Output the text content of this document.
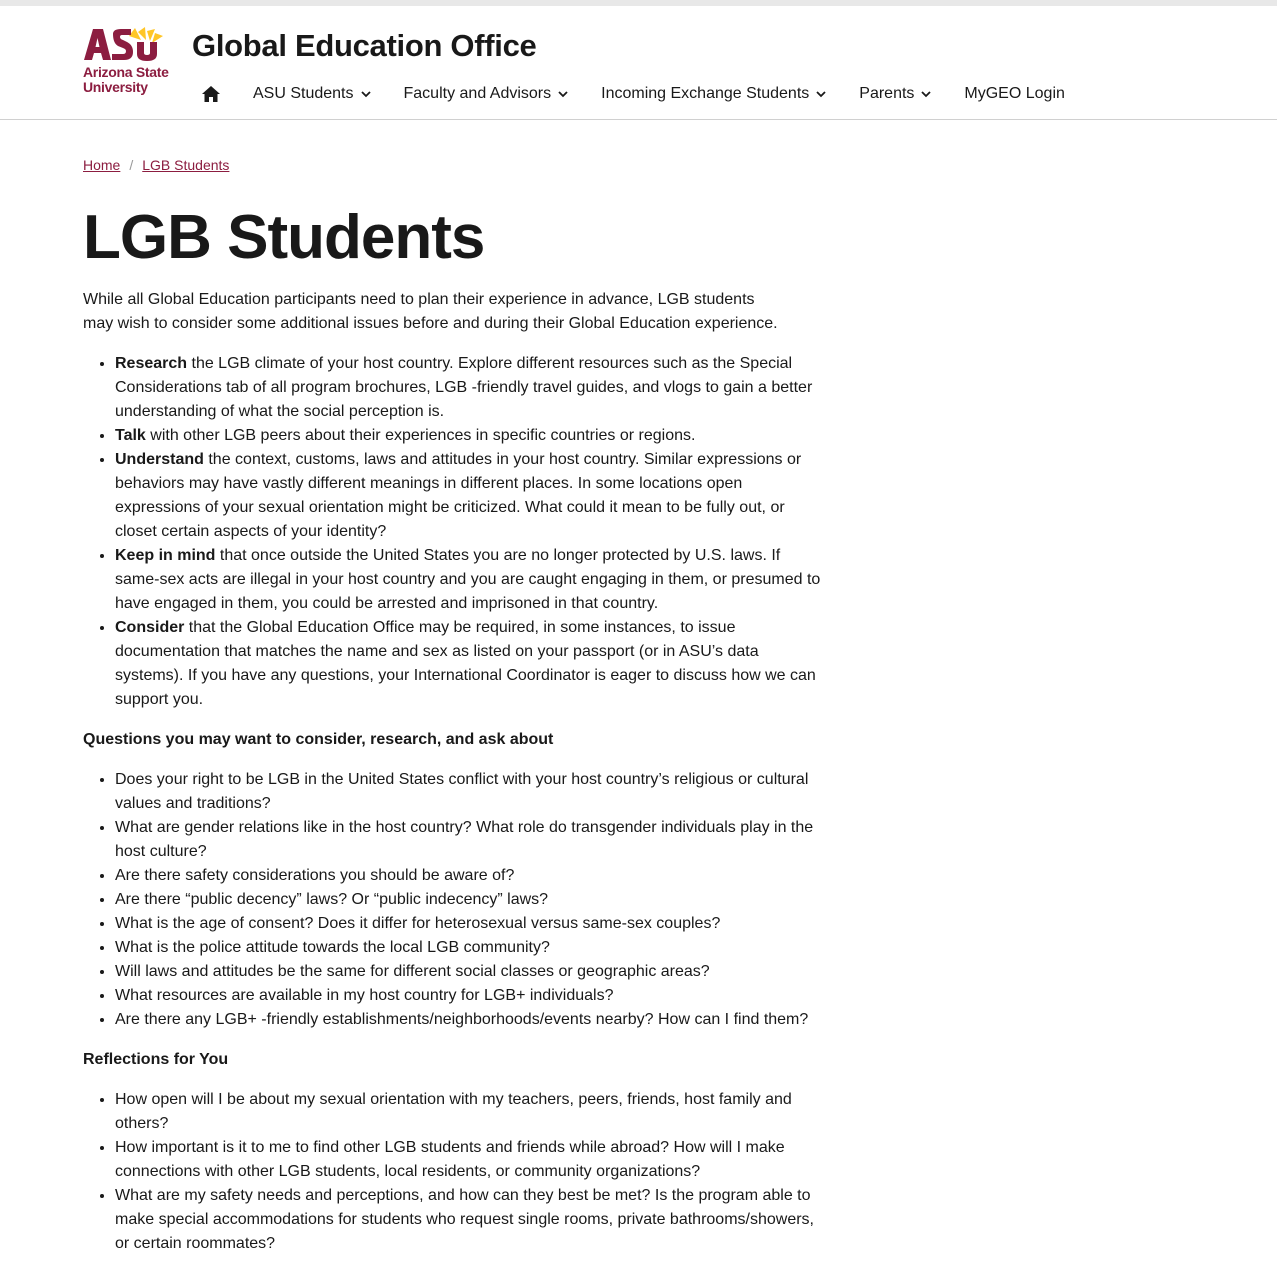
Arizona State
University
Global Education Office
ASU Students	Faculty and Advisors	Incoming Exchange Students	Parents	MyGEO Login
Home / LGB Students
LGB Students

While all Global Education participants need to plan their experience in advance, LGB students may wish to consider some additional issues before and during their Global Education experience.

• Research the LGB climate of your host country. Explore different resources such as the Special Considerations tab of all program brochures, LGB -friendly travel guides, and vlogs to gain a better understanding of what the social perception is.
• Talk with other LGB peers about their experiences in specific countries or regions.
• Understand the context, customs, laws and attitudes in your host country. Similar expressions or behaviors may have vastly different meanings in different places. In some locations open expressions of your sexual orientation might be criticized. What could it mean to be fully out, or closet certain aspects of your identity?
• Keep in mind that once outside the United States you are no longer protected by U.S. laws. If same-sex acts are illegal in your host country and you are caught engaging in them, or presumed to have engaged in them, you could be arrested and imprisoned in that country.
• Consider that the Global Education Office may be required, in some instances, to issue documentation that matches the name and sex as listed on your passport (or in ASU’s data systems). If you have any questions, your International Coordinator is eager to discuss how we can support you.

Questions you may want to consider, research, and ask about

• Does your right to be LGB in the United States conflict with your host country’s religious or cultural values and traditions?
• What are gender relations like in the host country? What role do transgender individuals play in the host culture?
• Are there safety considerations you should be aware of?
• Are there “public decency” laws? Or “public indecency” laws?
• What is the age of consent? Does it differ for heterosexual versus same-sex couples?
• What is the police attitude towards the local LGB community?
• Will laws and attitudes be the same for different social classes or geographic areas?
• What resources are available in my host country for LGB+ individuals?
• Are there any LGB+ -friendly establishments/neighborhoods/events nearby? How can I find them?

Reflections for You

• How open will I be about my sexual orientation with my teachers, peers, friends, host family and others?
• How important is it to me to find other LGB students and friends while abroad? How will I make connections with other LGB students, local residents, or community organizations?
• What are my safety needs and perceptions, and how can they best be met? Is the program able to make special accommodations for students who request single rooms, private bathrooms/showers, or certain roommates?
